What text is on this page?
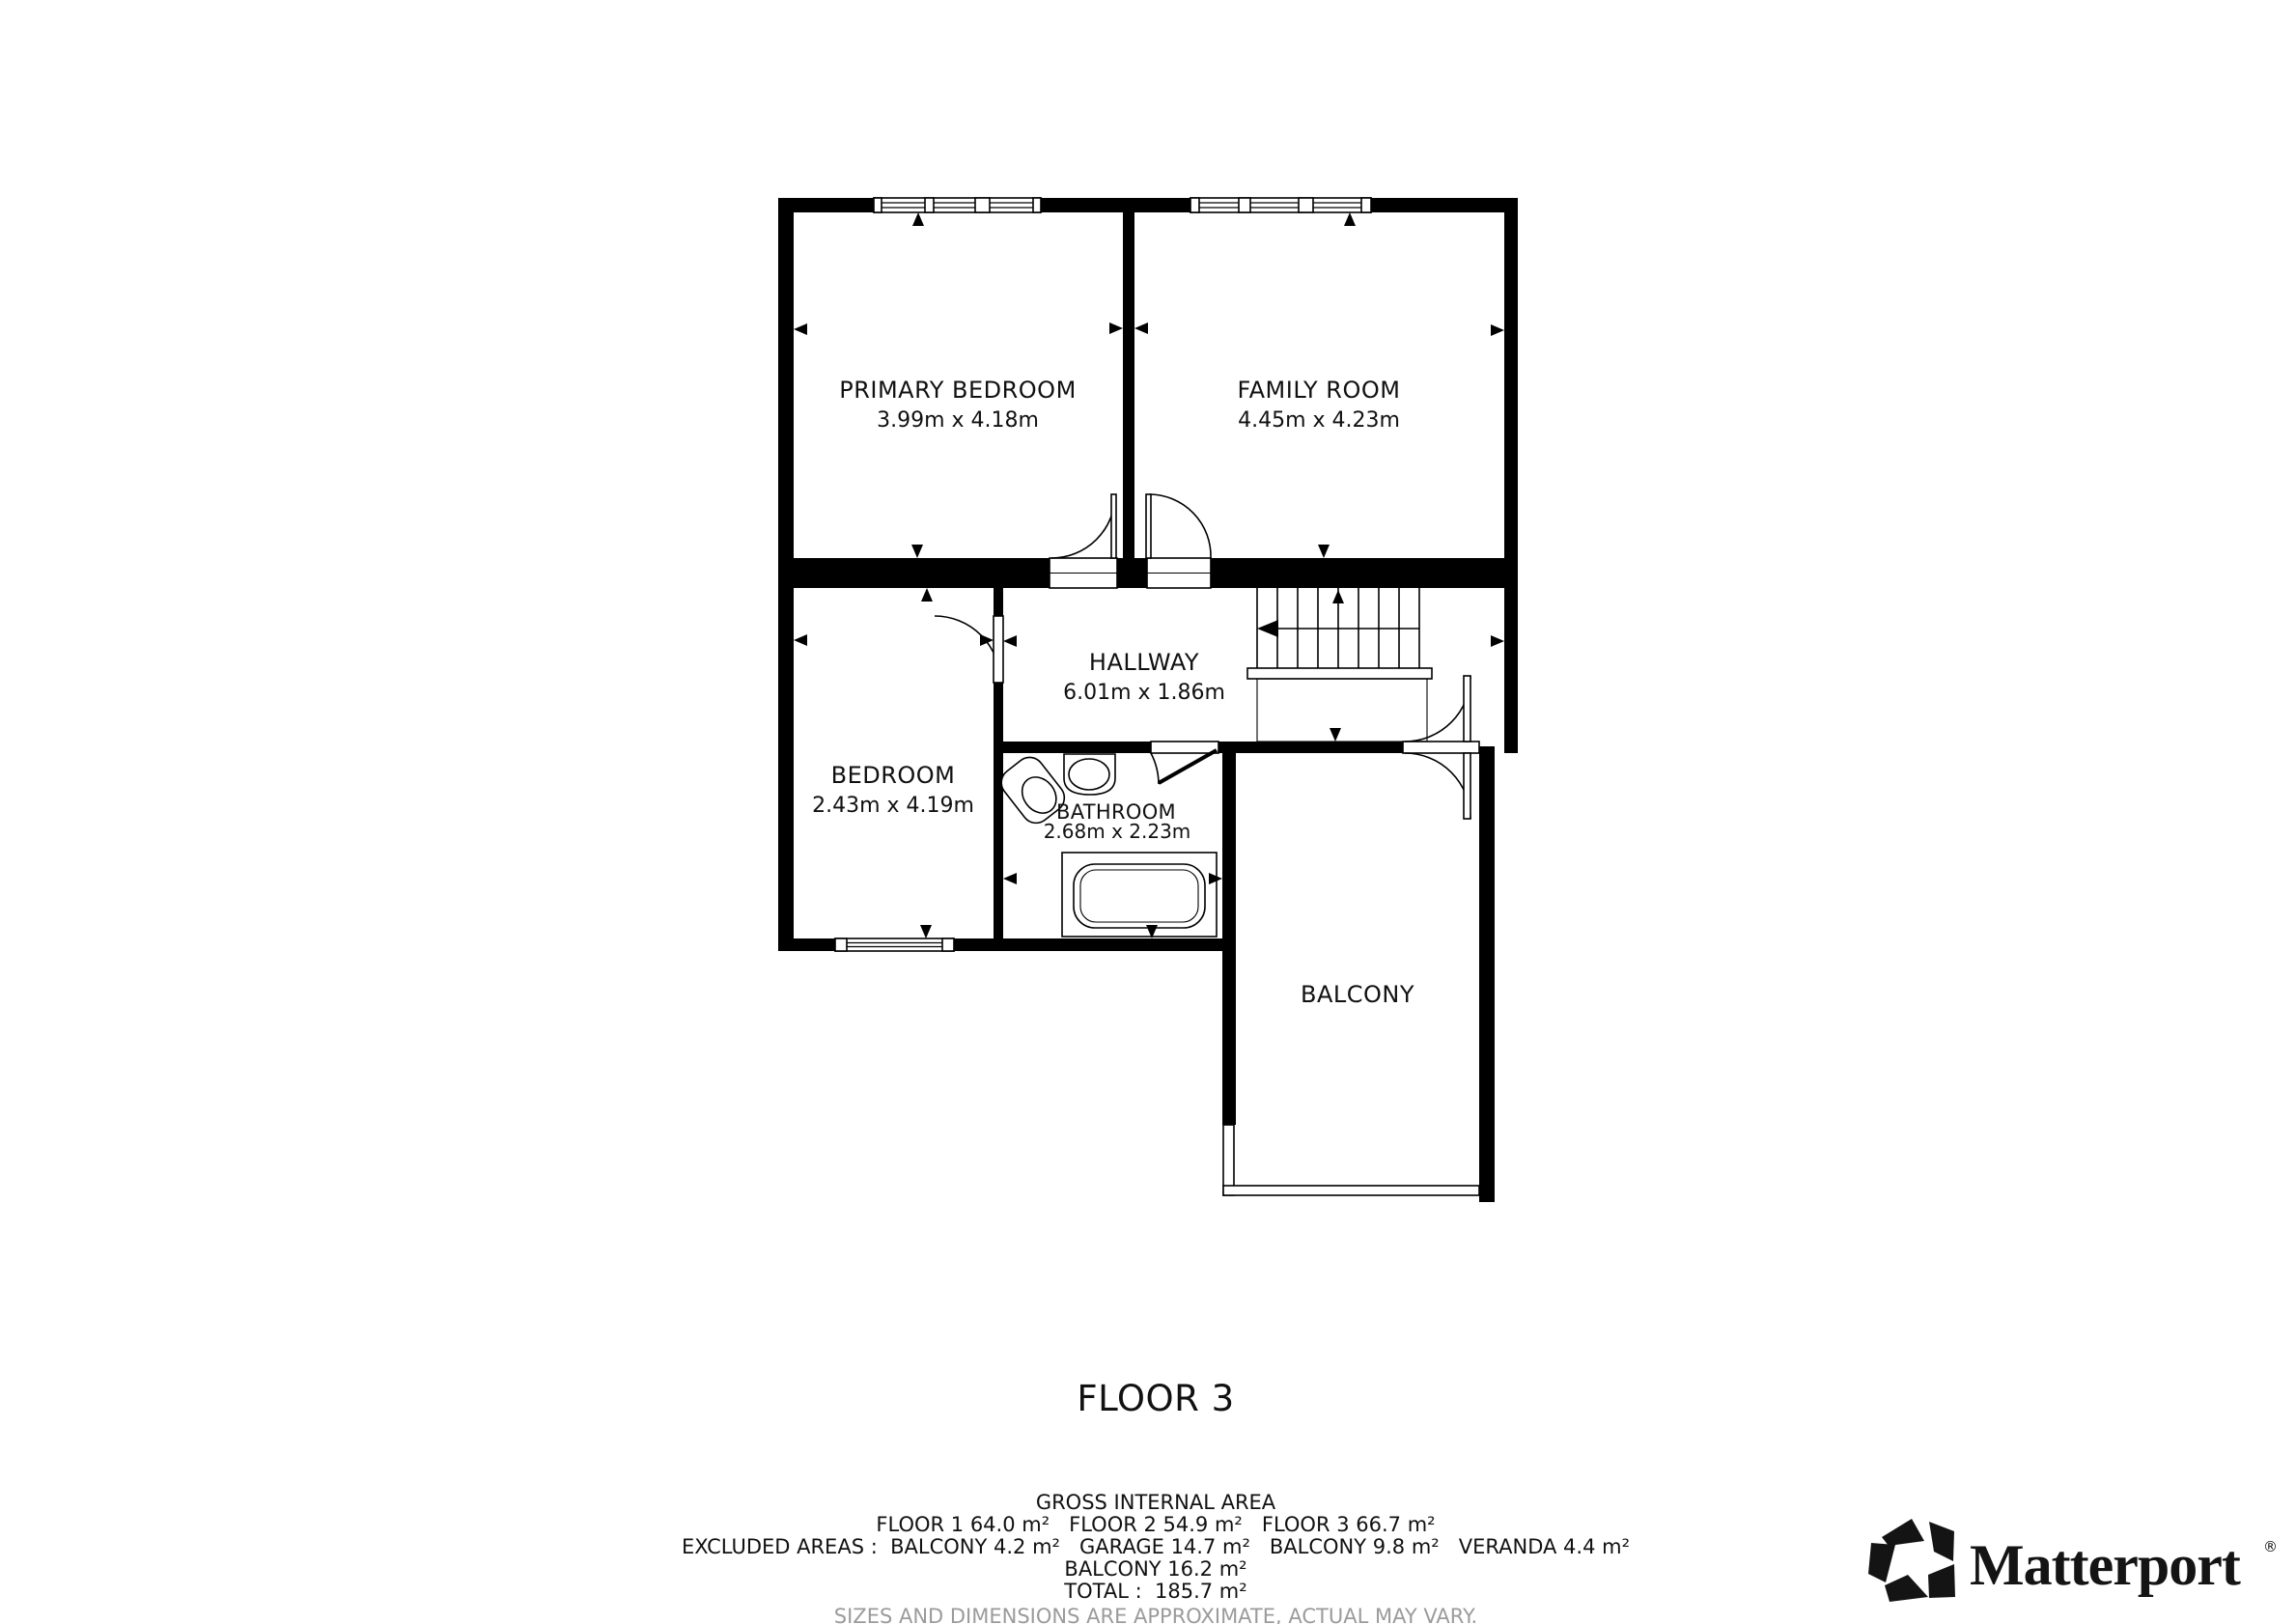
PRIMARY BEDROOM
3.99m x 4.18m
FAMILY ROOM
4.45m x 4.23m
HALLWAY
6.01m x 1.86m
BEDROOM
2.43m x 4.19m	BATHROOM
2.68m x 2.23m
BALCONY
FLOOR 3
GROSS INTERNAL AREA
FLOOR 1 64.0 m²   FLOOR 2 54.9 m²   FLOOR 3 66.7 m²
EXCLUDED AREAS :  BALCONY 4.2 m²   GARAGE 14.7 m²   BALCONY 9.8 m²   VERANDA 4.4 m²
BALCONY 16.2 m²
TOTAL :  185.7 m²
SIZES AND DIMENSIONS ARE APPROXIMATE, ACTUAL MAY VARY.
Matterport ®
